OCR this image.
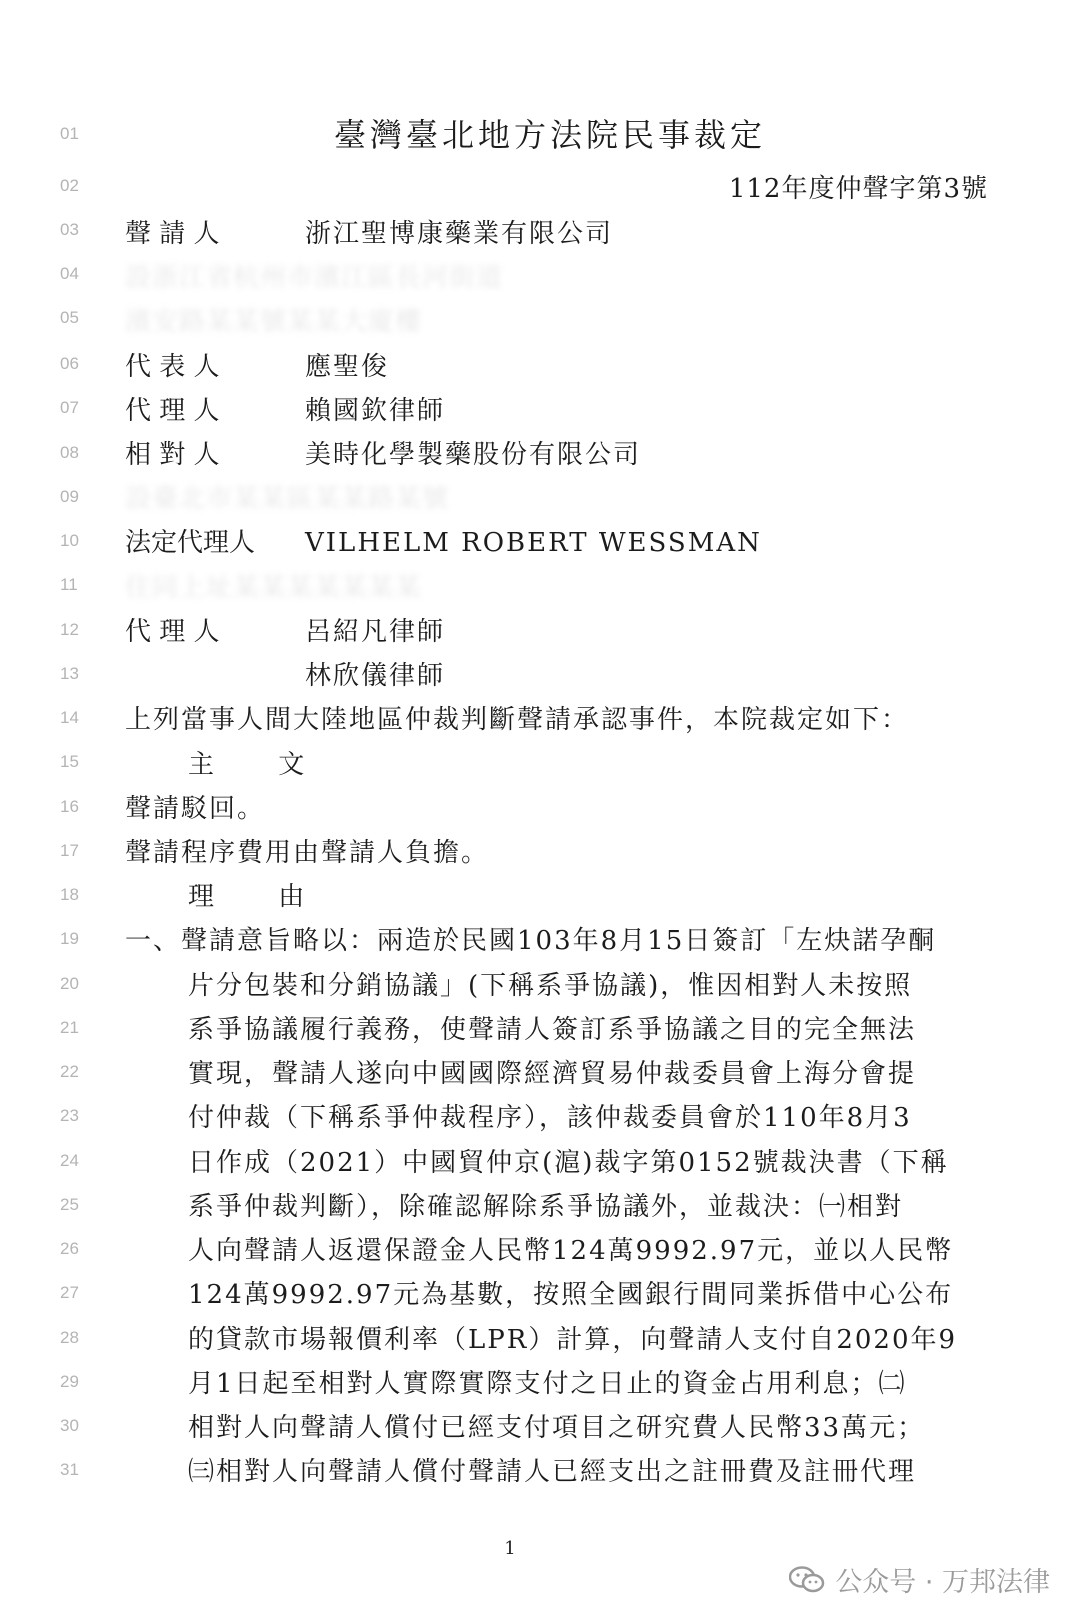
01
02
03
04
05
06
07
08
09
10
11
12
13
14
15
16
17
18
19
20
21
22
23
24
25
26
27
28
29
30
31
臺灣臺北地方法院民事裁定
112年度仲聲字第3號
聲 請 人	浙江聖博康藥業有限公司
設浙江省杭州市濱江區長河街道
濱安路某某號某某大廈樓
代 表 人	應聖俊
代 理 人	賴國欽律師
相 對 人	美時化學製藥股份有限公司
設臺北市某某區某某路某號
法定代理人 VILHELM ROBERT WESSMAN
住同上址某某某某某某某
代 理 人	呂紹凡律師
林欣儀律師
上列當事人間大陸地區仲裁判斷聲請承認事件，本院裁定如下：
主 文
聲請駁回。
聲請程序費用由聲請人負擔。
理 由
一、聲請意旨略以：兩造於民國103年8月15日簽訂「左炔諾孕酮
片分包裝和分銷協議」(下稱系爭協議)，惟因相對人未按照
系爭協議履行義務，使聲請人簽訂系爭協議之目的完全無法
實現，聲請人遂向中國國際經濟貿易仲裁委員會上海分會提
付仲裁（下稱系爭仲裁程序），該仲裁委員會於110年8月3
日作成（2021）中國貿仲京(滬)裁字第0152號裁決書（下稱
系爭仲裁判斷），除確認解除系爭協議外，並裁決：㈠相對
人向聲請人返還保證金人民幣124萬9992.97元，並以人民幣
124萬9992.97元為基數，按照全國銀行間同業拆借中心公布
的貸款市場報價利率（LPR）計算，向聲請人支付自2020年9
月1日起至相對人實際實際支付之日止的資金占用利息；㈡
相對人向聲請人償付已經支付項目之研究費人民幣33萬元；
㈢相對人向聲請人償付聲請人已經支出之註冊費及註冊代理
1
公众号 · 万邦法律
